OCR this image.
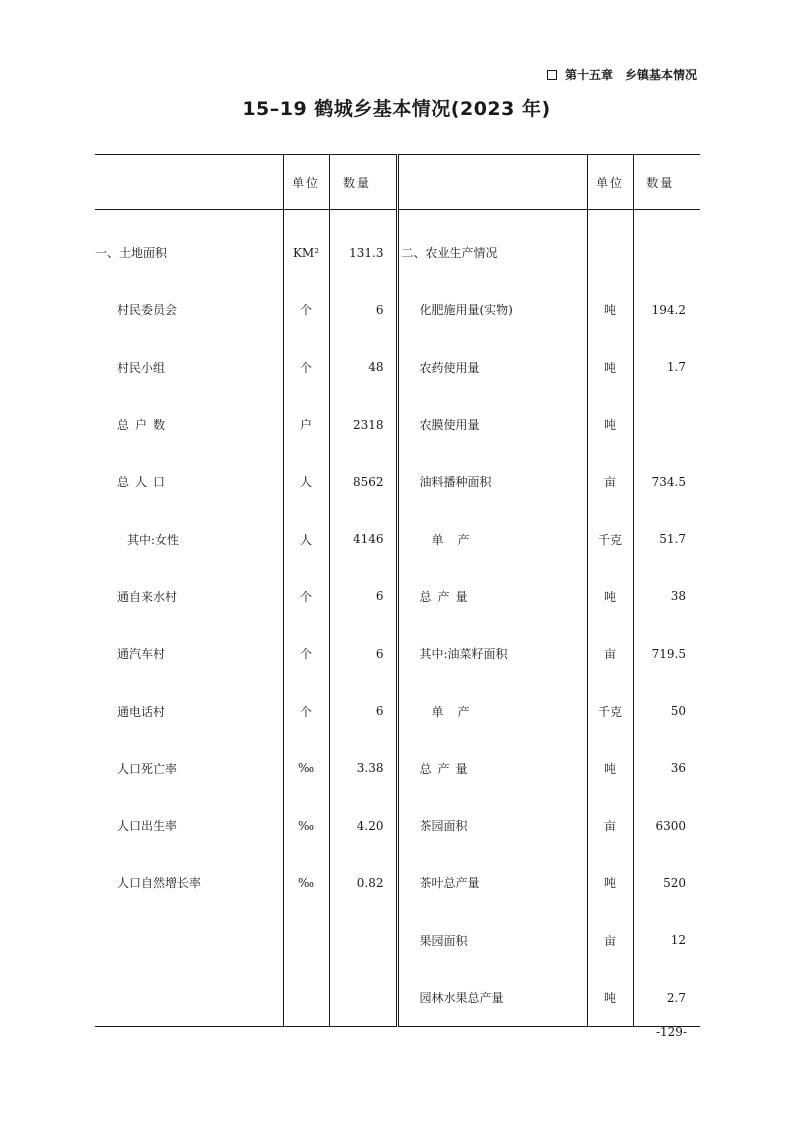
第十五章　乡镇基本情况
15–19 鹤城乡基本情况(2023 年)
	单位	数量		单位	数量
一、土地面积	KM²	131.3	二、农业生产情况		
村民委员会	个	6	化肥施用量(实物)	吨	194.2
村民小组	个	48	农药使用量	吨	1.7
总户数	户	2318	农膜使用量	吨	
总人口	人	8562	油料播种面积	亩	734.5
其中:女性	人	4146	单产	千克	51.7
通自来水村	个	6	总产量	吨	38
通汽车村	个	6	其中:油菜籽面积	亩	719.5
通电话村	个	6	单产	千克	50
人口死亡率	‰	3.38	总产量	吨	36
人口出生率	‰	4.20	茶园面积	亩	6300
人口自然增长率	‰	0.82	茶叶总产量	吨	520
			果园面积	亩	12
			园林水果总产量	吨	2.7
-129-
